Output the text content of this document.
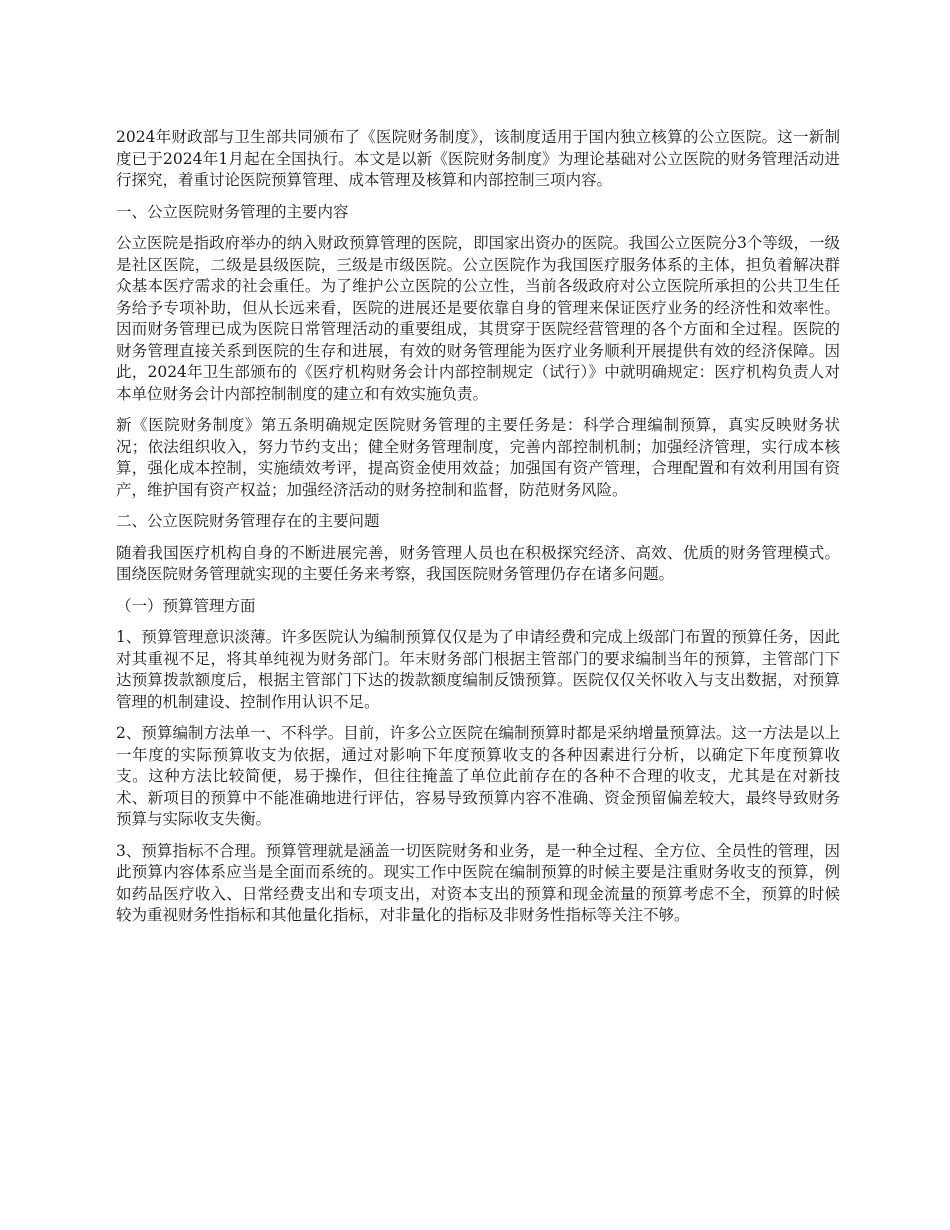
2024年财政部与卫生部共同颁布了《医院财务制度》，该制度适用于国内独立核算的公立医院。这一新制度已于2024年1月起在全国执行。本文是以新《医院财务制度》为理论基础对公立医院的财务管理活动进行探究，着重讨论医院预算管理、成本管理及核算和内部控制三项内容。

一、公立医院财务管理的主要内容

公立医院是指政府举办的纳入财政预算管理的医院，即国家出资办的医院。我国公立医院分3个等级，一级是社区医院，二级是县级医院，三级是市级医院。公立医院作为我国医疗服务体系的主体，担负着解决群众基本医疗需求的社会重任。为了维护公立医院的公立性，当前各级政府对公立医院所承担的公共卫生任务给予专项补助，但从长远来看，医院的进展还是要依靠自身的管理来保证医疗业务的经济性和效率性。因而财务管理已成为医院日常管理活动的重要组成，其贯穿于医院经营管理的各个方面和全过程。医院的财务管理直接关系到医院的生存和进展，有效的财务管理能为医疗业务顺利开展提供有效的经济保障。因此，2024年卫生部颁布的《医疗机构财务会计内部控制规定（试行）》中就明确规定：医疗机构负责人对本单位财务会计内部控制制度的建立和有效实施负责。

新《医院财务制度》第五条明确规定医院财务管理的主要任务是：科学合理编制预算，真实反映财务状况；依法组织收入，努力节约支出；健全财务管理制度，完善内部控制机制；加强经济管理，实行成本核算，强化成本控制，实施绩效考评，提高资金使用效益；加强国有资产管理，合理配置和有效利用国有资产，维护国有资产权益；加强经济活动的财务控制和监督，防范财务风险。

二、公立医院财务管理存在的主要问题

随着我国医疗机构自身的不断进展完善，财务管理人员也在积极探究经济、高效、优质的财务管理模式。围绕医院财务管理就实现的主要任务来考察，我国医院财务管理仍存在诸多问题。

（一）预算管理方面

1、预算管理意识淡薄。许多医院认为编制预算仅仅是为了申请经费和完成上级部门布置的预算任务，因此对其重视不足，将其单纯视为财务部门。年末财务部门根据主管部门的要求编制当年的预算，主管部门下达预算拨款额度后，根据主管部门下达的拨款额度编制反馈预算。医院仅仅关怀收入与支出数据，对预算管理的机制建设、控制作用认识不足。

2、预算编制方法单一、不科学。目前，许多公立医院在编制预算时都是采纳增量预算法。这一方法是以上一年度的实际预算收支为依据，通过对影响下年度预算收支的各种因素进行分析，以确定下年度预算收支。这种方法比较简便，易于操作，但往往掩盖了单位此前存在的各种不合理的收支，尤其是在对新技术、新项目的预算中不能准确地进行评估，容易导致预算内容不准确、资金预留偏差较大，最终导致财务预算与实际收支失衡。

3、预算指标不合理。预算管理就是涵盖一切医院财务和业务，是一种全过程、全方位、全员性的管理，因此预算内容体系应当是全面而系统的。现实工作中医院在编制预算的时候主要是注重财务收支的预算，例如药品医疗收入、日常经费支出和专项支出，对资本支出的预算和现金流量的预算考虑不全，预算的时候较为重视财务性指标和其他量化指标，对非量化的指标及非财务性指标等关注不够。
